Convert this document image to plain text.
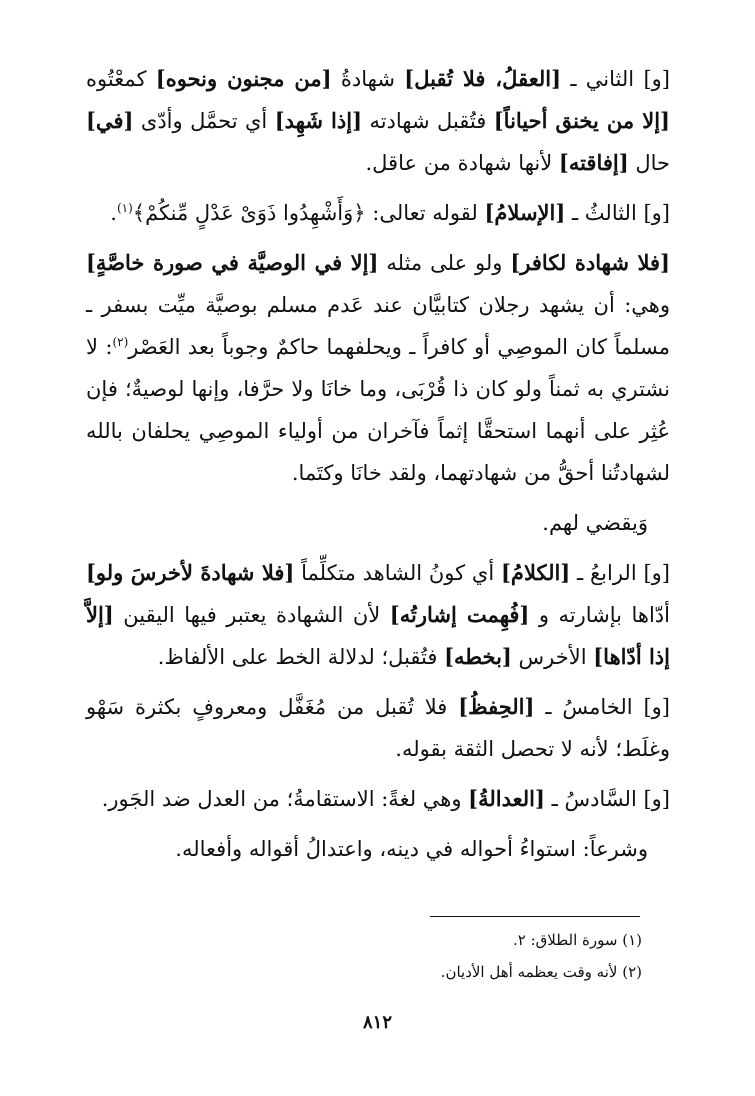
[و] الثاني ـ [العقلُ، فلا تُقبل] شهادةُ [من مجنون ونحوه] كمعْتُوه [إلا من يخنق أحياناً] فتُقبل شهادته [إذا شَهِد] أي تحمَّل وأدّى [في] حال [إفاقته] لأنها شهادة من عاقل.

[و] الثالثُ ـ [الإسلامُ] لقوله تعالى: ﴿وَأَشْهِدُوا ذَوَىْ عَدْلٍ مِّنكُمْ﴾$^{(١)}$.

[فلا شهادة لكافر] ولو على مثله [إلا في الوصيَّة في صورة خاصَّةٍ] وهي: أن يشهد رجلان كتابيَّان عند عَدم مسلم بوصيَّة ميِّت بسفر ـ مسلماً كان الموصِي أو كافراً ـ ويحلفهما حاكمٌ وجوباً بعد العَصْر$^{(٢)}$: لا نشتري به ثمناً ولو كان ذا قُرْبَى، وما خانَا ولا حرَّفا، وإنها لوصيةٌ؛ فإن عُثِر على أنهما استحقَّا إثماً فآخران من أولياء الموصِي يحلفان بالله لشهادتُنا أحقُّ من شهادتهما، ولقد خانَا وكتَما.

وَيقضي لهم.

[و] الرابعُ ـ [الكلامُ] أي كونُ الشاهد متكلِّماً [فلا شهادةَ لأخرسَ ولو] أدّاها بإشارته و [فُهِمت إشارتُه] لأن الشهادة يعتبر فيها اليقين [إلاَّ إذا أدّاها] الأخرس [بخطه] فتُقبل؛ لدلالة الخط على الألفاظ.

[و] الخامسُ ـ [الحِفظُ] فلا تُقبل من مُغَفَّل ومعروفٍ بكثرة سَهْو وغلَط؛ لأنه لا تحصل الثقة بقوله.

[و] السَّادسُ ـ [العدالةُ] وهي لغةً: الاستقامةُ؛ من العدل ضد الجَور.

وشرعاً: استواءُ أحواله في دينه، واعتدالُ أقواله وأفعاله.

(١) سورة الطلاق: ٢.
(٢) لأنه وقت يعظمه أهل الأديان.
٨١٢
